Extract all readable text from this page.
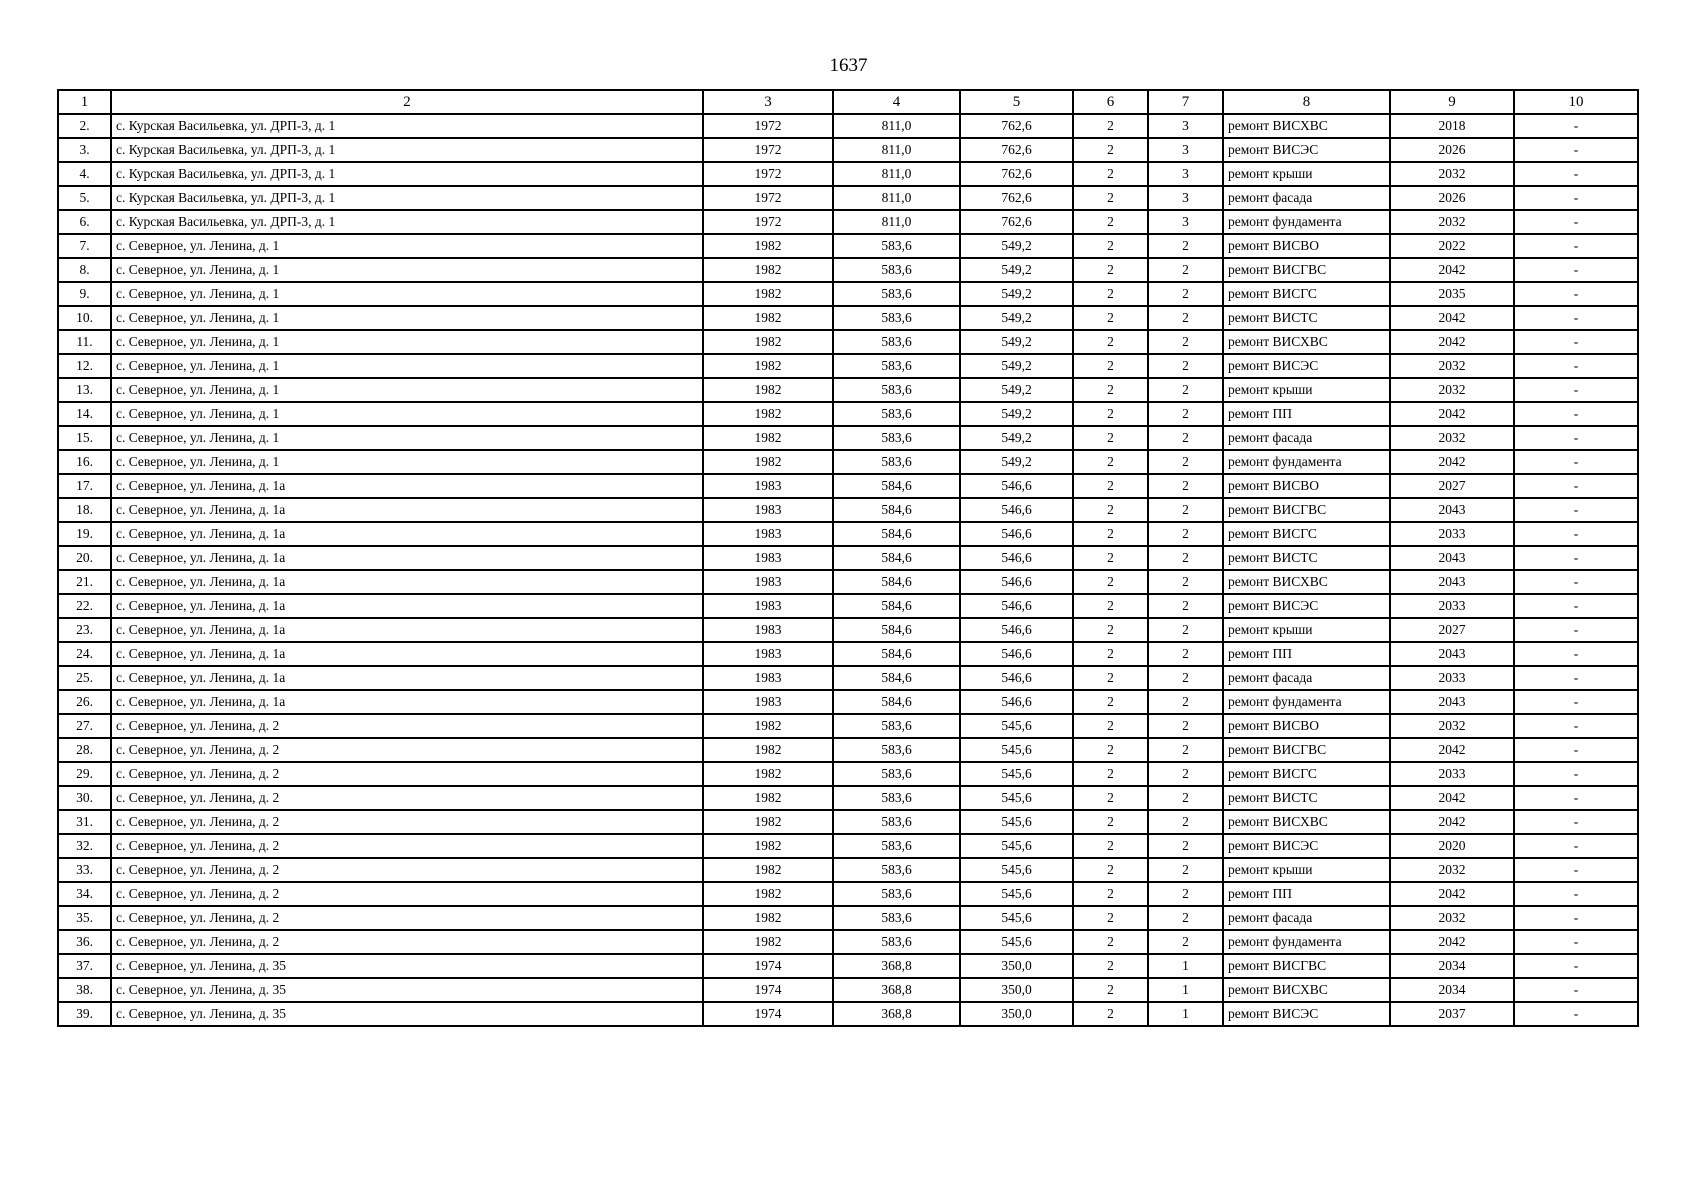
1637
1	2	3	4	5	6	7	8	9	10
2.	с. Курская Васильевка, ул. ДРП-3, д. 1	1972	811,0	762,6	2	3	ремонт ВИСХВС	2018	-
3.	с. Курская Васильевка, ул. ДРП-3, д. 1	1972	811,0	762,6	2	3	ремонт ВИСЭС	2026	-
4.	с. Курская Васильевка, ул. ДРП-3, д. 1	1972	811,0	762,6	2	3	ремонт крыши	2032	-
5.	с. Курская Васильевка, ул. ДРП-3, д. 1	1972	811,0	762,6	2	3	ремонт фасада	2026	-
6.	с. Курская Васильевка, ул. ДРП-3, д. 1	1972	811,0	762,6	2	3	ремонт фундамента	2032	-
7.	с. Северное, ул. Ленина, д. 1	1982	583,6	549,2	2	2	ремонт ВИСВО	2022	-
8.	с. Северное, ул. Ленина, д. 1	1982	583,6	549,2	2	2	ремонт ВИСГВС	2042	-
9.	с. Северное, ул. Ленина, д. 1	1982	583,6	549,2	2	2	ремонт ВИСГС	2035	-
10.	с. Северное, ул. Ленина, д. 1	1982	583,6	549,2	2	2	ремонт ВИСТС	2042	-
11.	с. Северное, ул. Ленина, д. 1	1982	583,6	549,2	2	2	ремонт ВИСХВС	2042	-
12.	с. Северное, ул. Ленина, д. 1	1982	583,6	549,2	2	2	ремонт ВИСЭС	2032	-
13.	с. Северное, ул. Ленина, д. 1	1982	583,6	549,2	2	2	ремонт крыши	2032	-
14.	с. Северное, ул. Ленина, д. 1	1982	583,6	549,2	2	2	ремонт ПП	2042	-
15.	с. Северное, ул. Ленина, д. 1	1982	583,6	549,2	2	2	ремонт фасада	2032	-
16.	с. Северное, ул. Ленина, д. 1	1982	583,6	549,2	2	2	ремонт фундамента	2042	-
17.	с. Северное, ул. Ленина, д. 1а	1983	584,6	546,6	2	2	ремонт ВИСВО	2027	-
18.	с. Северное, ул. Ленина, д. 1а	1983	584,6	546,6	2	2	ремонт ВИСГВС	2043	-
19.	с. Северное, ул. Ленина, д. 1а	1983	584,6	546,6	2	2	ремонт ВИСГС	2033	-
20.	с. Северное, ул. Ленина, д. 1а	1983	584,6	546,6	2	2	ремонт ВИСТС	2043	-
21.	с. Северное, ул. Ленина, д. 1а	1983	584,6	546,6	2	2	ремонт ВИСХВС	2043	-
22.	с. Северное, ул. Ленина, д. 1а	1983	584,6	546,6	2	2	ремонт ВИСЭС	2033	-
23.	с. Северное, ул. Ленина, д. 1а	1983	584,6	546,6	2	2	ремонт крыши	2027	-
24.	с. Северное, ул. Ленина, д. 1а	1983	584,6	546,6	2	2	ремонт ПП	2043	-
25.	с. Северное, ул. Ленина, д. 1а	1983	584,6	546,6	2	2	ремонт фасада	2033	-
26.	с. Северное, ул. Ленина, д. 1а	1983	584,6	546,6	2	2	ремонт фундамента	2043	-
27.	с. Северное, ул. Ленина, д. 2	1982	583,6	545,6	2	2	ремонт ВИСВО	2032	-
28.	с. Северное, ул. Ленина, д. 2	1982	583,6	545,6	2	2	ремонт ВИСГВС	2042	-
29.	с. Северное, ул. Ленина, д. 2	1982	583,6	545,6	2	2	ремонт ВИСГС	2033	-
30.	с. Северное, ул. Ленина, д. 2	1982	583,6	545,6	2	2	ремонт ВИСТС	2042	-
31.	с. Северное, ул. Ленина, д. 2	1982	583,6	545,6	2	2	ремонт ВИСХВС	2042	-
32.	с. Северное, ул. Ленина, д. 2	1982	583,6	545,6	2	2	ремонт ВИСЭС	2020	-
33.	с. Северное, ул. Ленина, д. 2	1982	583,6	545,6	2	2	ремонт крыши	2032	-
34.	с. Северное, ул. Ленина, д. 2	1982	583,6	545,6	2	2	ремонт ПП	2042	-
35.	с. Северное, ул. Ленина, д. 2	1982	583,6	545,6	2	2	ремонт фасада	2032	-
36.	с. Северное, ул. Ленина, д. 2	1982	583,6	545,6	2	2	ремонт фундамента	2042	-
37.	с. Северное, ул. Ленина, д. 35	1974	368,8	350,0	2	1	ремонт ВИСГВС	2034	-
38.	с. Северное, ул. Ленина, д. 35	1974	368,8	350,0	2	1	ремонт ВИСХВС	2034	-
39.	с. Северное, ул. Ленина, д. 35	1974	368,8	350,0	2	1	ремонт ВИСЭС	2037	-
